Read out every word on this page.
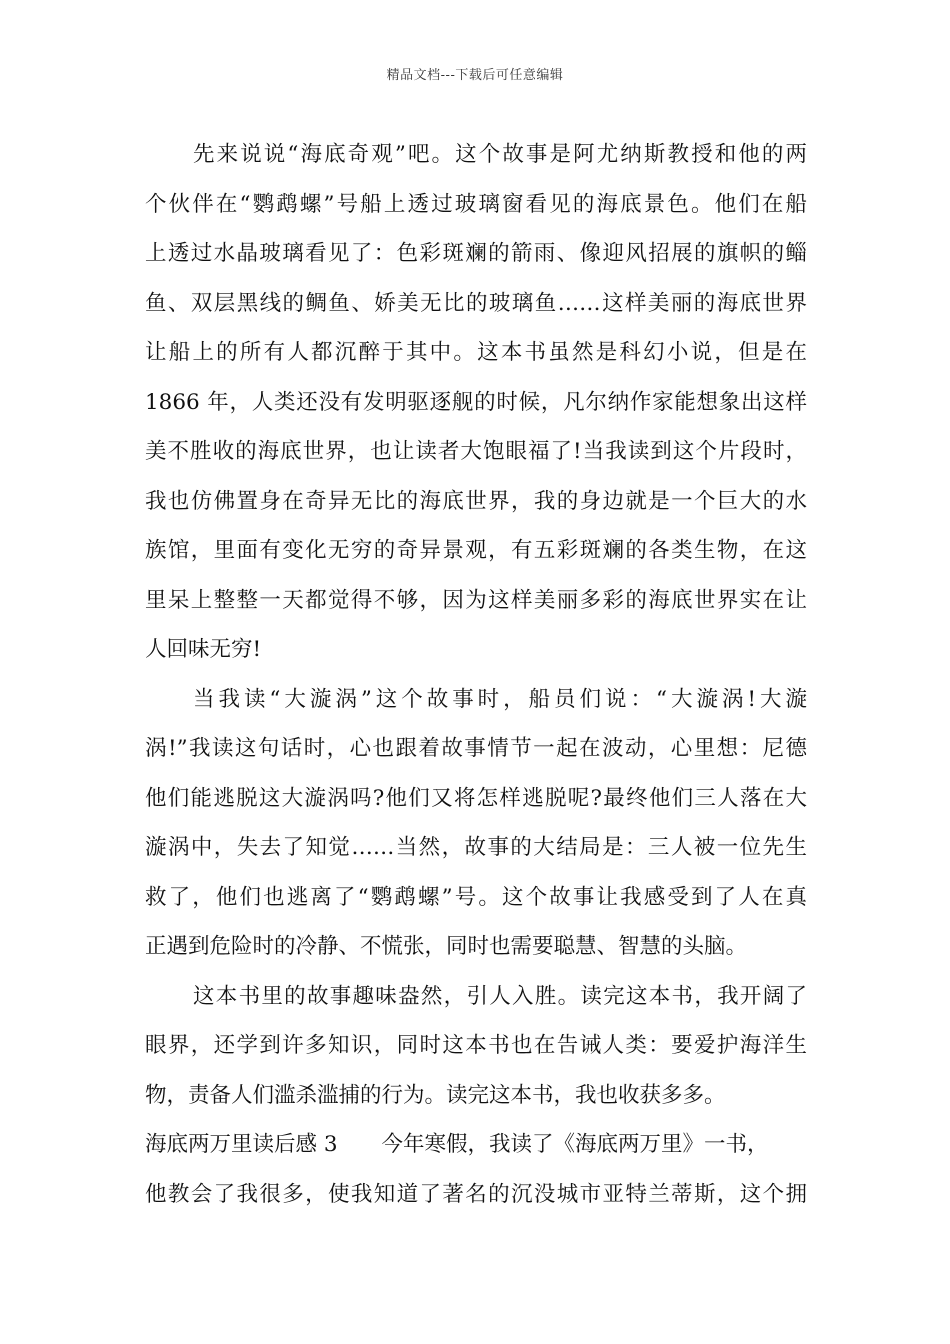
精品文档---下载后可任意编辑
先来说说“海底奇观”吧。这个故事是阿尤纳斯教授和他的两
个伙伴在“鹦鹉螺”号船上透过玻璃窗看见的海底景色。他们在船
上透过水晶玻璃看见了：色彩斑斓的箭雨、像迎风招展的旗帜的鲻
鱼、双层黑线的鲷鱼、娇美无比的玻璃鱼……这样美丽的海底世界
让船上的所有人都沉醉于其中。这本书虽然是科幻小说，但是在
1866 年，人类还没有发明驱逐舰的时候，凡尔纳作家能想象出这样
美不胜收的海底世界，也让读者大饱眼福了!当我读到这个片段时，
我也仿佛置身在奇异无比的海底世界，我的身边就是一个巨大的水
族馆，里面有变化无穷的奇异景观，有五彩斑斓的各类生物，在这
里呆上整整一天都觉得不够，因为这样美丽多彩的海底世界实在让
人回味无穷!
当我读“大漩涡”这个故事时，船员们说：“大漩涡!大漩
涡!”我读这句话时，心也跟着故事情节一起在波动，心里想：尼德
他们能逃脱这大漩涡吗?他们又将怎样逃脱呢?最终他们三人落在大
漩涡中，失去了知觉……当然，故事的大结局是：三人被一位先生
救了，他们也逃离了“鹦鹉螺”号。这个故事让我感受到了人在真
正遇到危险时的冷静、不慌张，同时也需要聪慧、智慧的头脑。
这本书里的故事趣味盎然，引人入胜。读完这本书，我开阔了
眼界，还学到许多知识，同时这本书也在告诫人类：要爱护海洋生
物，责备人们滥杀滥捕的行为。读完这本书，我也收获多多。
海底两万里读后感 3 今年寒假，我读了《海底两万里》一书，
他教会了我很多，使我知道了著名的沉没城市亚特兰蒂斯，这个拥
